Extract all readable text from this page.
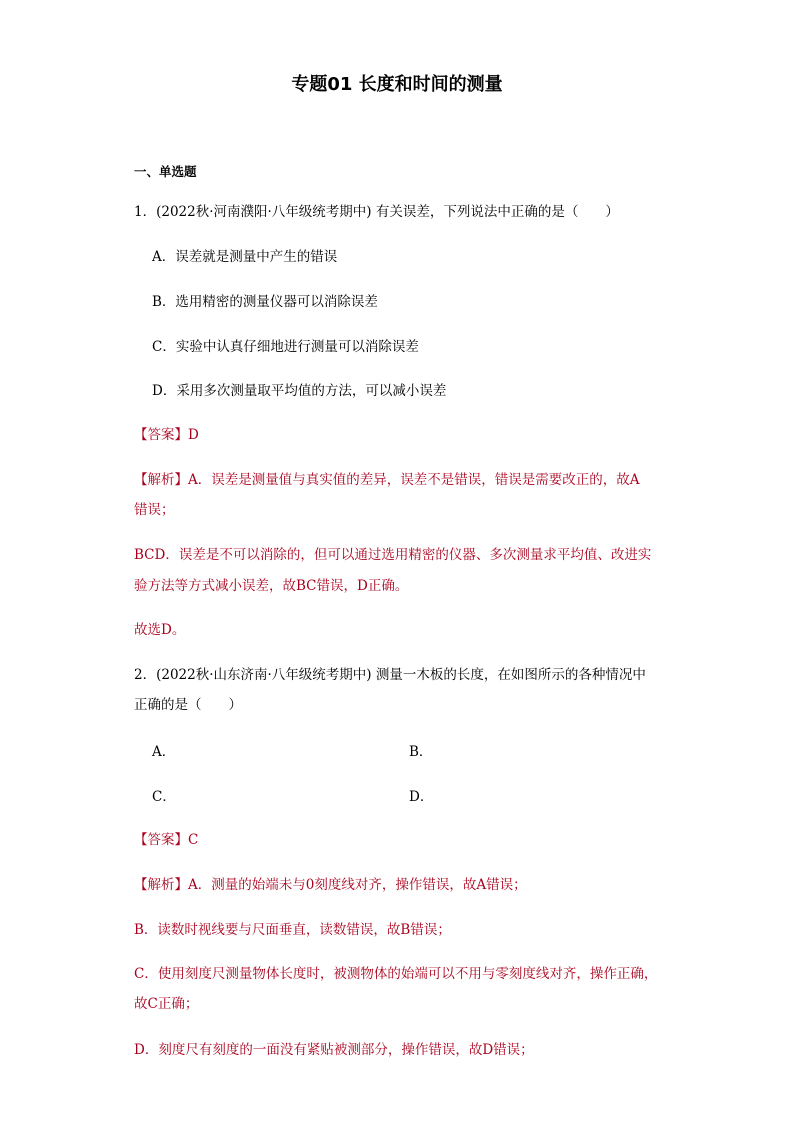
专题01 长度和时间的测量
一、单选题
1．(2022秋·河南濮阳·八年级统考期中) 有关误差，下列说法中正确的是（　　）
A．误差就是测量中产生的错误
B．选用精密的测量仪器可以消除误差
C．实验中认真仔细地进行测量可以消除误差
D．采用多次测量取平均值的方法，可以减小误差
【答案】D
【解析】A．误差是测量值与真实值的差异，误差不是错误，错误是需要改正的，故A
错误；
BCD．误差是不可以消除的，但可以通过选用精密的仪器、多次测量求平均值、改进实
验方法等方式减小误差，故BC错误，D正确。
故选D。
2．(2022秋·山东济南·八年级统考期中) 测量一木板的长度，在如图所示的各种情况中
正确的是（　　）
A．	B．
C．	D．
【答案】C
【解析】A．测量的始端未与0刻度线对齐，操作错误，故A错误；
B．读数时视线要与尺面垂直，读数错误，故B错误；
C．使用刻度尺测量物体长度时，被测物体的始端可以不用与零刻度线对齐，操作正确，
故C正确；
D．刻度尺有刻度的一面没有紧贴被测部分，操作错误，故D错误；
